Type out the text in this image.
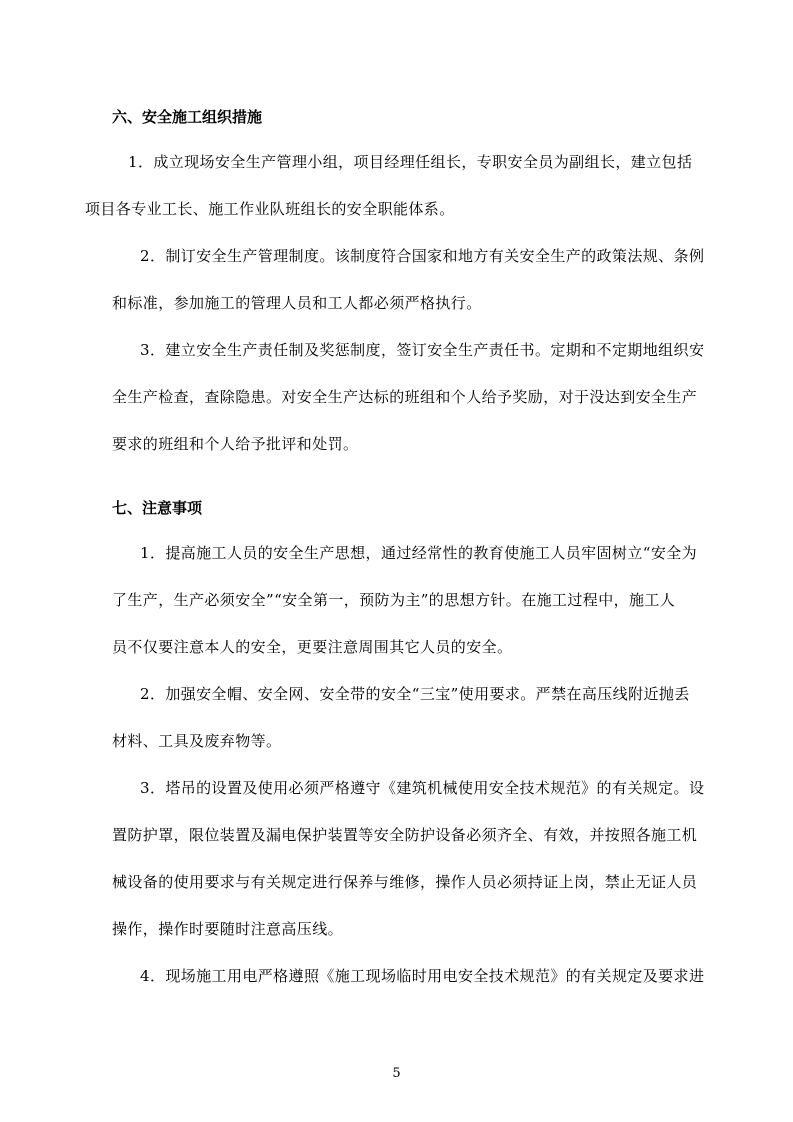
六、安全施工组织措施
1．成立现场安全生产管理小组，项目经理任组长，专职安全员为副组长，建立包括
项目各专业工长、施工作业队班组长的安全职能体系。
2．制订安全生产管理制度。该制度符合国家和地方有关安全生产的政策法规、条例
和标准，参加施工的管理人员和工人都必须严格执行。
3．建立安全生产责任制及奖惩制度，签订安全生产责任书。定期和不定期地组织安
全生产检查，查除隐患。对安全生产达标的班组和个人给予奖励，对于没达到安全生产
要求的班组和个人给予批评和处罚。
七、注意事项
1．提高施工人员的安全生产思想，通过经常性的教育使施工人员牢固树立“安全为
了生产，生产必须安全”“安全第一，预防为主”的思想方针。在施工过程中，施工人
员不仅要注意本人的安全，更要注意周围其它人员的安全。
2．加强安全帽、安全网、安全带的安全“三宝”使用要求。严禁在高压线附近抛丢
材料、工具及废弃物等。
3．塔吊的设置及使用必须严格遵守《建筑机械使用安全技术规范》的有关规定。设
置防护罩，限位装置及漏电保护装置等安全防护设备必须齐全、有效，并按照各施工机
械设备的使用要求与有关规定进行保养与维修，操作人员必须持证上岗，禁止无证人员
操作，操作时要随时注意高压线。
4．现场施工用电严格遵照《施工现场临时用电安全技术规范》的有关规定及要求进
5
